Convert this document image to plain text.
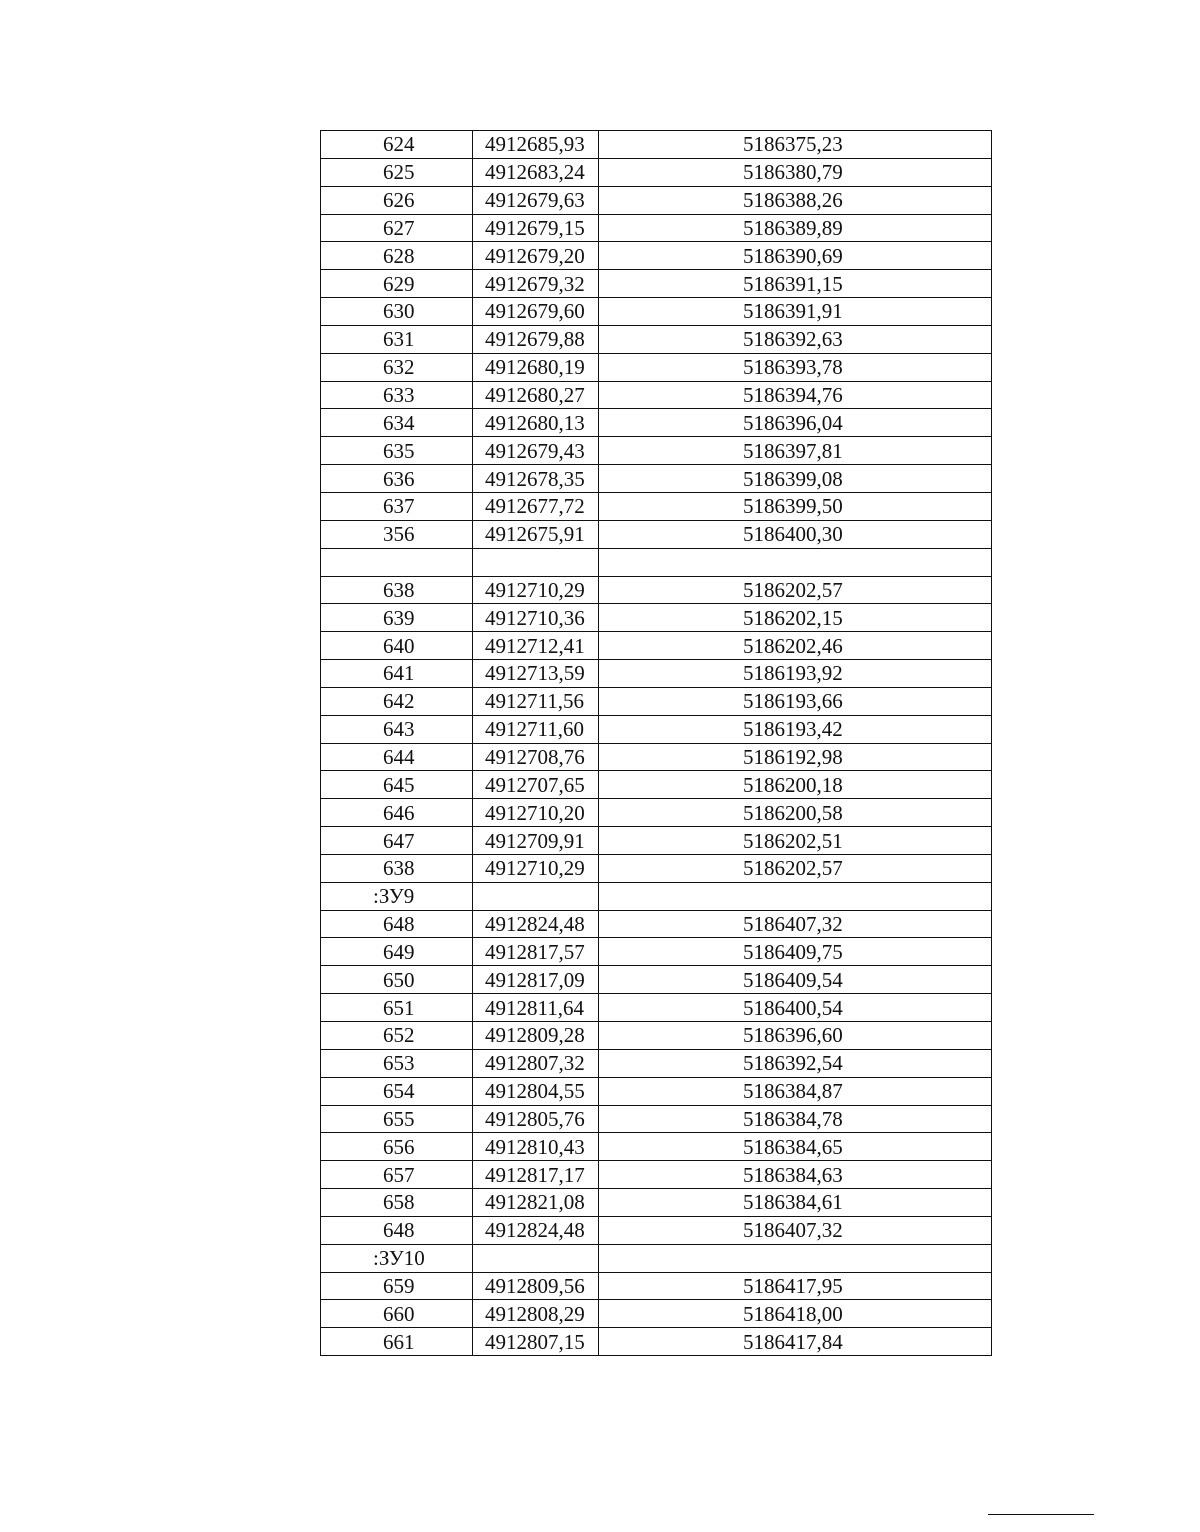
624	4912685,93	5186375,23
625	4912683,24	5186380,79
626	4912679,63	5186388,26
627	4912679,15	5186389,89
628	4912679,20	5186390,69
629	4912679,32	5186391,15
630	4912679,60	5186391,91
631	4912679,88	5186392,63
632	4912680,19	5186393,78
633	4912680,27	5186394,76
634	4912680,13	5186396,04
635	4912679,43	5186397,81
636	4912678,35	5186399,08
637	4912677,72	5186399,50
356	4912675,91	5186400,30

638	4912710,29	5186202,57
639	4912710,36	5186202,15
640	4912712,41	5186202,46
641	4912713,59	5186193,92
642	4912711,56	5186193,66
643	4912711,60	5186193,42
644	4912708,76	5186192,98
645	4912707,65	5186200,18
646	4912710,20	5186200,58
647	4912709,91	5186202,51
638	4912710,29	5186202,57
:ЗУ9		
648	4912824,48	5186407,32
649	4912817,57	5186409,75
650	4912817,09	5186409,54
651	4912811,64	5186400,54
652	4912809,28	5186396,60
653	4912807,32	5186392,54
654	4912804,55	5186384,87
655	4912805,76	5186384,78
656	4912810,43	5186384,65
657	4912817,17	5186384,63
658	4912821,08	5186384,61
648	4912824,48	5186407,32
:ЗУ10		
659	4912809,56	5186417,95
660	4912808,29	5186418,00
661	4912807,15	5186417,84
